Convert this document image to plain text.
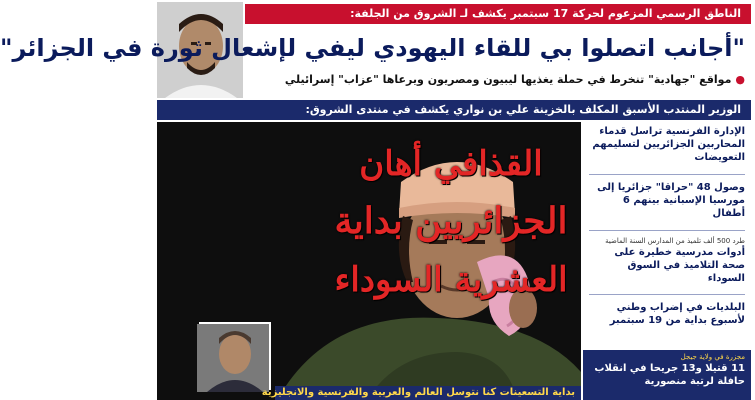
الناطق الرسمي المزعوم لحركة 17 سبتمبر يكشف لـ الشروق من الجلفة:
"أجانب اتصلوا بي للقاء اليهودي ليفي لإشعال ثورة في الجزائر"
●مواقع "جهادية" تنخرط في حملة يغذيها ليبيون ومصريون ويرعاها "عزاب" إسرائيلي
الوزير المنتدب الأسبق المكلف بالخزينة علي بن نواري يكشف في منتدى الشروق:
القذافي أهان
الجزائريين بداية
العشرية السوداء
بداية التسعينات كنا نتوسل العالم والعربية والفرنسية والانجليزية
الإدارة الفرنسية تراسل قدماء المحاربين الجزائريين لتسليمهم التعويضات
وصول 48 "حراقا" جزائريا إلى مورسيا الإسبانية بينهم 6 أطفال
طرد 500 ألف تلميذ من المدارس السنة الماضية
أدوات مدرسية خطيرة على صحة التلاميذ في السوق السوداء
البلديات في إضراب وطني لأسبوع بداية من 19 سبتمبر
مجزرة في ولاية جيجل
11 قتيلا و13 جريحا في انقلاب حافلة لرتبة منصورية
